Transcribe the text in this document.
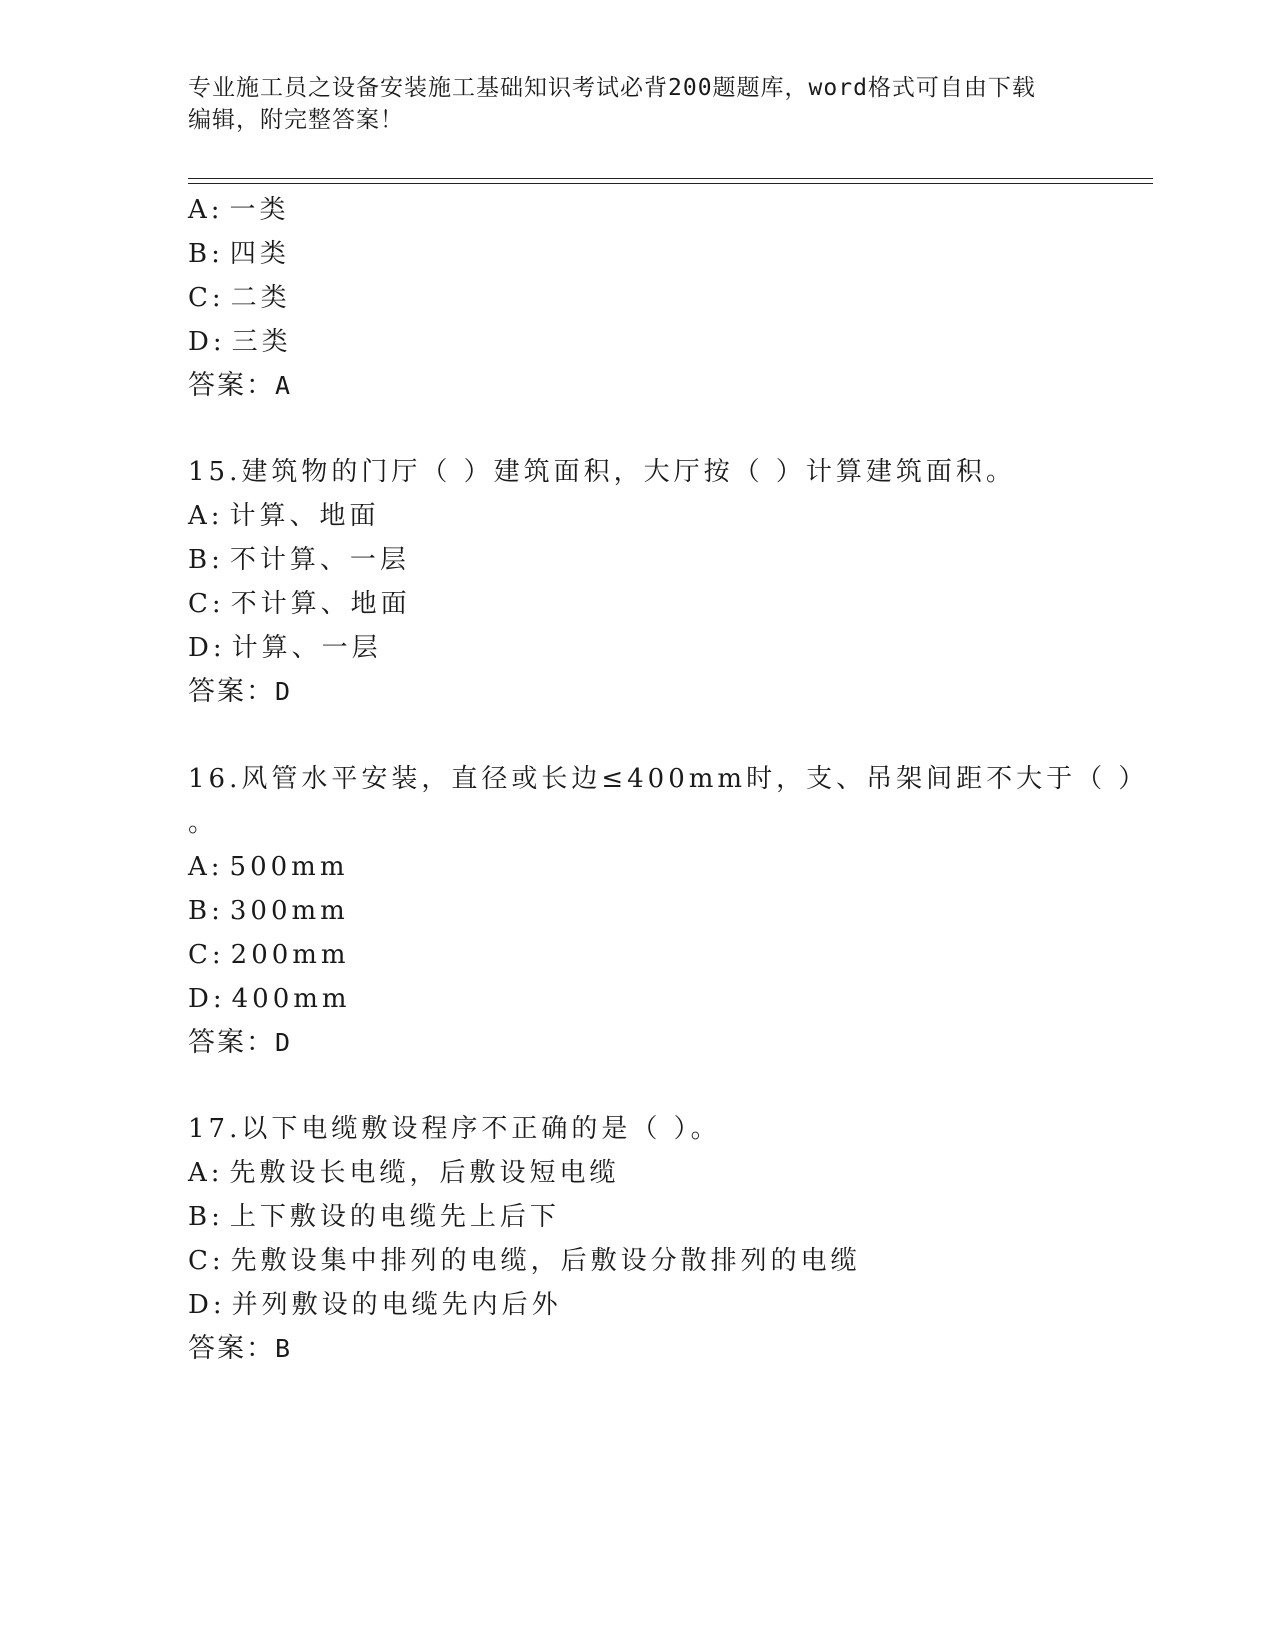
专业施工员之设备安装施工基础知识考试必背200题题库，word格式可自由下载
编辑，附完整答案！
A: 一类
B: 四类
C: 二类
D: 三类
答案：A
15.建筑物的门厅（ ）建筑面积，大厅按（ ）计算建筑面积。
A: 计算、地面
B: 不计算、一层
C: 不计算、地面
D: 计算、一层
答案：D
16.风管水平安装，直径或长边≤400mm时，支、吊架间距不大于（ ）
。
A: 500mm
B: 300mm
C: 200mm
D: 400mm
答案：D
17.以下电缆敷设程序不正确的是（ ）。
A: 先敷设长电缆，后敷设短电缆
B: 上下敷设的电缆先上后下
C: 先敷设集中排列的电缆，后敷设分散排列的电缆
D: 并列敷设的电缆先内后外
答案：B
